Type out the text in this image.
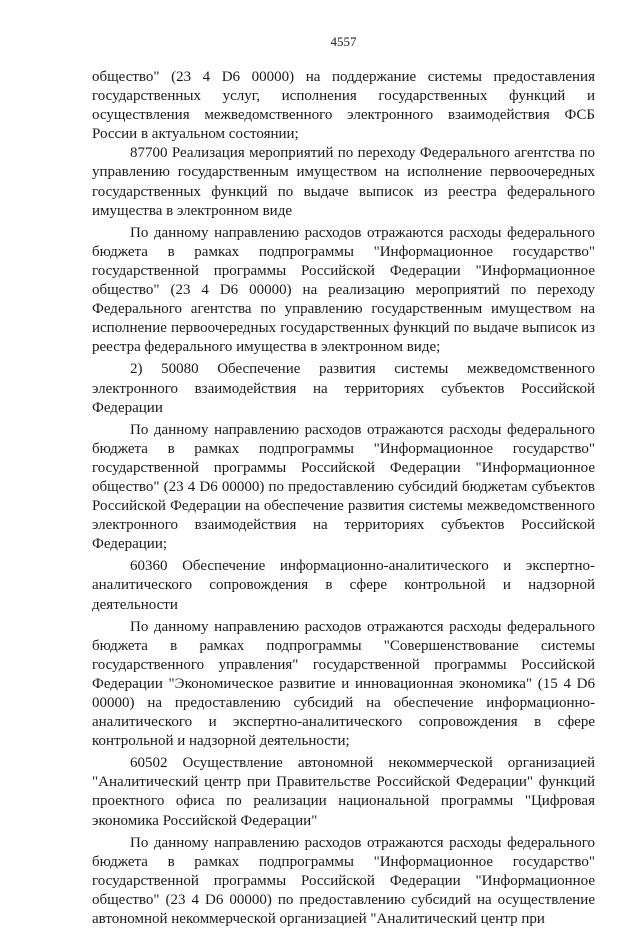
4557

общество" (23 4 D6 00000) на поддержание системы предоставления государственных услуг, исполнения государственных функций и осуществления межведомственного электронного взаимодействия ФСБ России в актуальном состоянии;

87700 Реализация мероприятий по переходу Федерального агентства по управлению государственным имуществом на исполнение первоочередных государственных функций по выдаче выписок из реестра федерального имущества в электронном виде

По данному направлению расходов отражаются расходы федерального бюджета в рамках подпрограммы "Информационное государство" государственной программы Российской Федерации "Информационное общество" (23 4 D6 00000) на реализацию мероприятий по переходу Федерального агентства по управлению государственным имуществом на исполнение первоочередных государственных функций по выдаче выписок из реестра федерального имущества в электронном виде;

2) 50080 Обеспечение развития системы межведомственного электронного взаимодействия на территориях субъектов Российской Федерации

По данному направлению расходов отражаются расходы федерального бюджета в рамках подпрограммы "Информационное государство" государственной программы Российской Федерации "Информационное общество" (23 4 D6 00000) по предоставлению субсидий бюджетам субъектов Российской Федерации на обеспечение развития системы межведомственного электронного взаимодействия на территориях субъектов Российской Федерации;

60360 Обеспечение информационно-аналитического и экспертно-аналитического сопровождения в сфере контрольной и надзорной деятельности

По данному направлению расходов отражаются расходы федерального бюджета в рамках подпрограммы "Совершенствование системы государственного управления" государственной программы Российской Федерации "Экономическое развитие и инновационная экономика" (15 4 D6 00000) на предоставлению субсидий на обеспечение информационно-аналитического и экспертно-аналитического сопровождения в сфере контрольной и надзорной деятельности;

60502 Осуществление автономной некоммерческой организацией "Аналитический центр при Правительстве Российской Федерации" функций проектного офиса по реализации национальной программы "Цифровая экономика Российской Федерации"

По данному направлению расходов отражаются расходы федерального бюджета в рамках подпрограммы "Информационное государство" государственной программы Российской Федерации "Информационное общество" (23 4 D6 00000) по предоставлению субсидий на осуществление автономной некоммерческой организацией "Аналитический центр при
